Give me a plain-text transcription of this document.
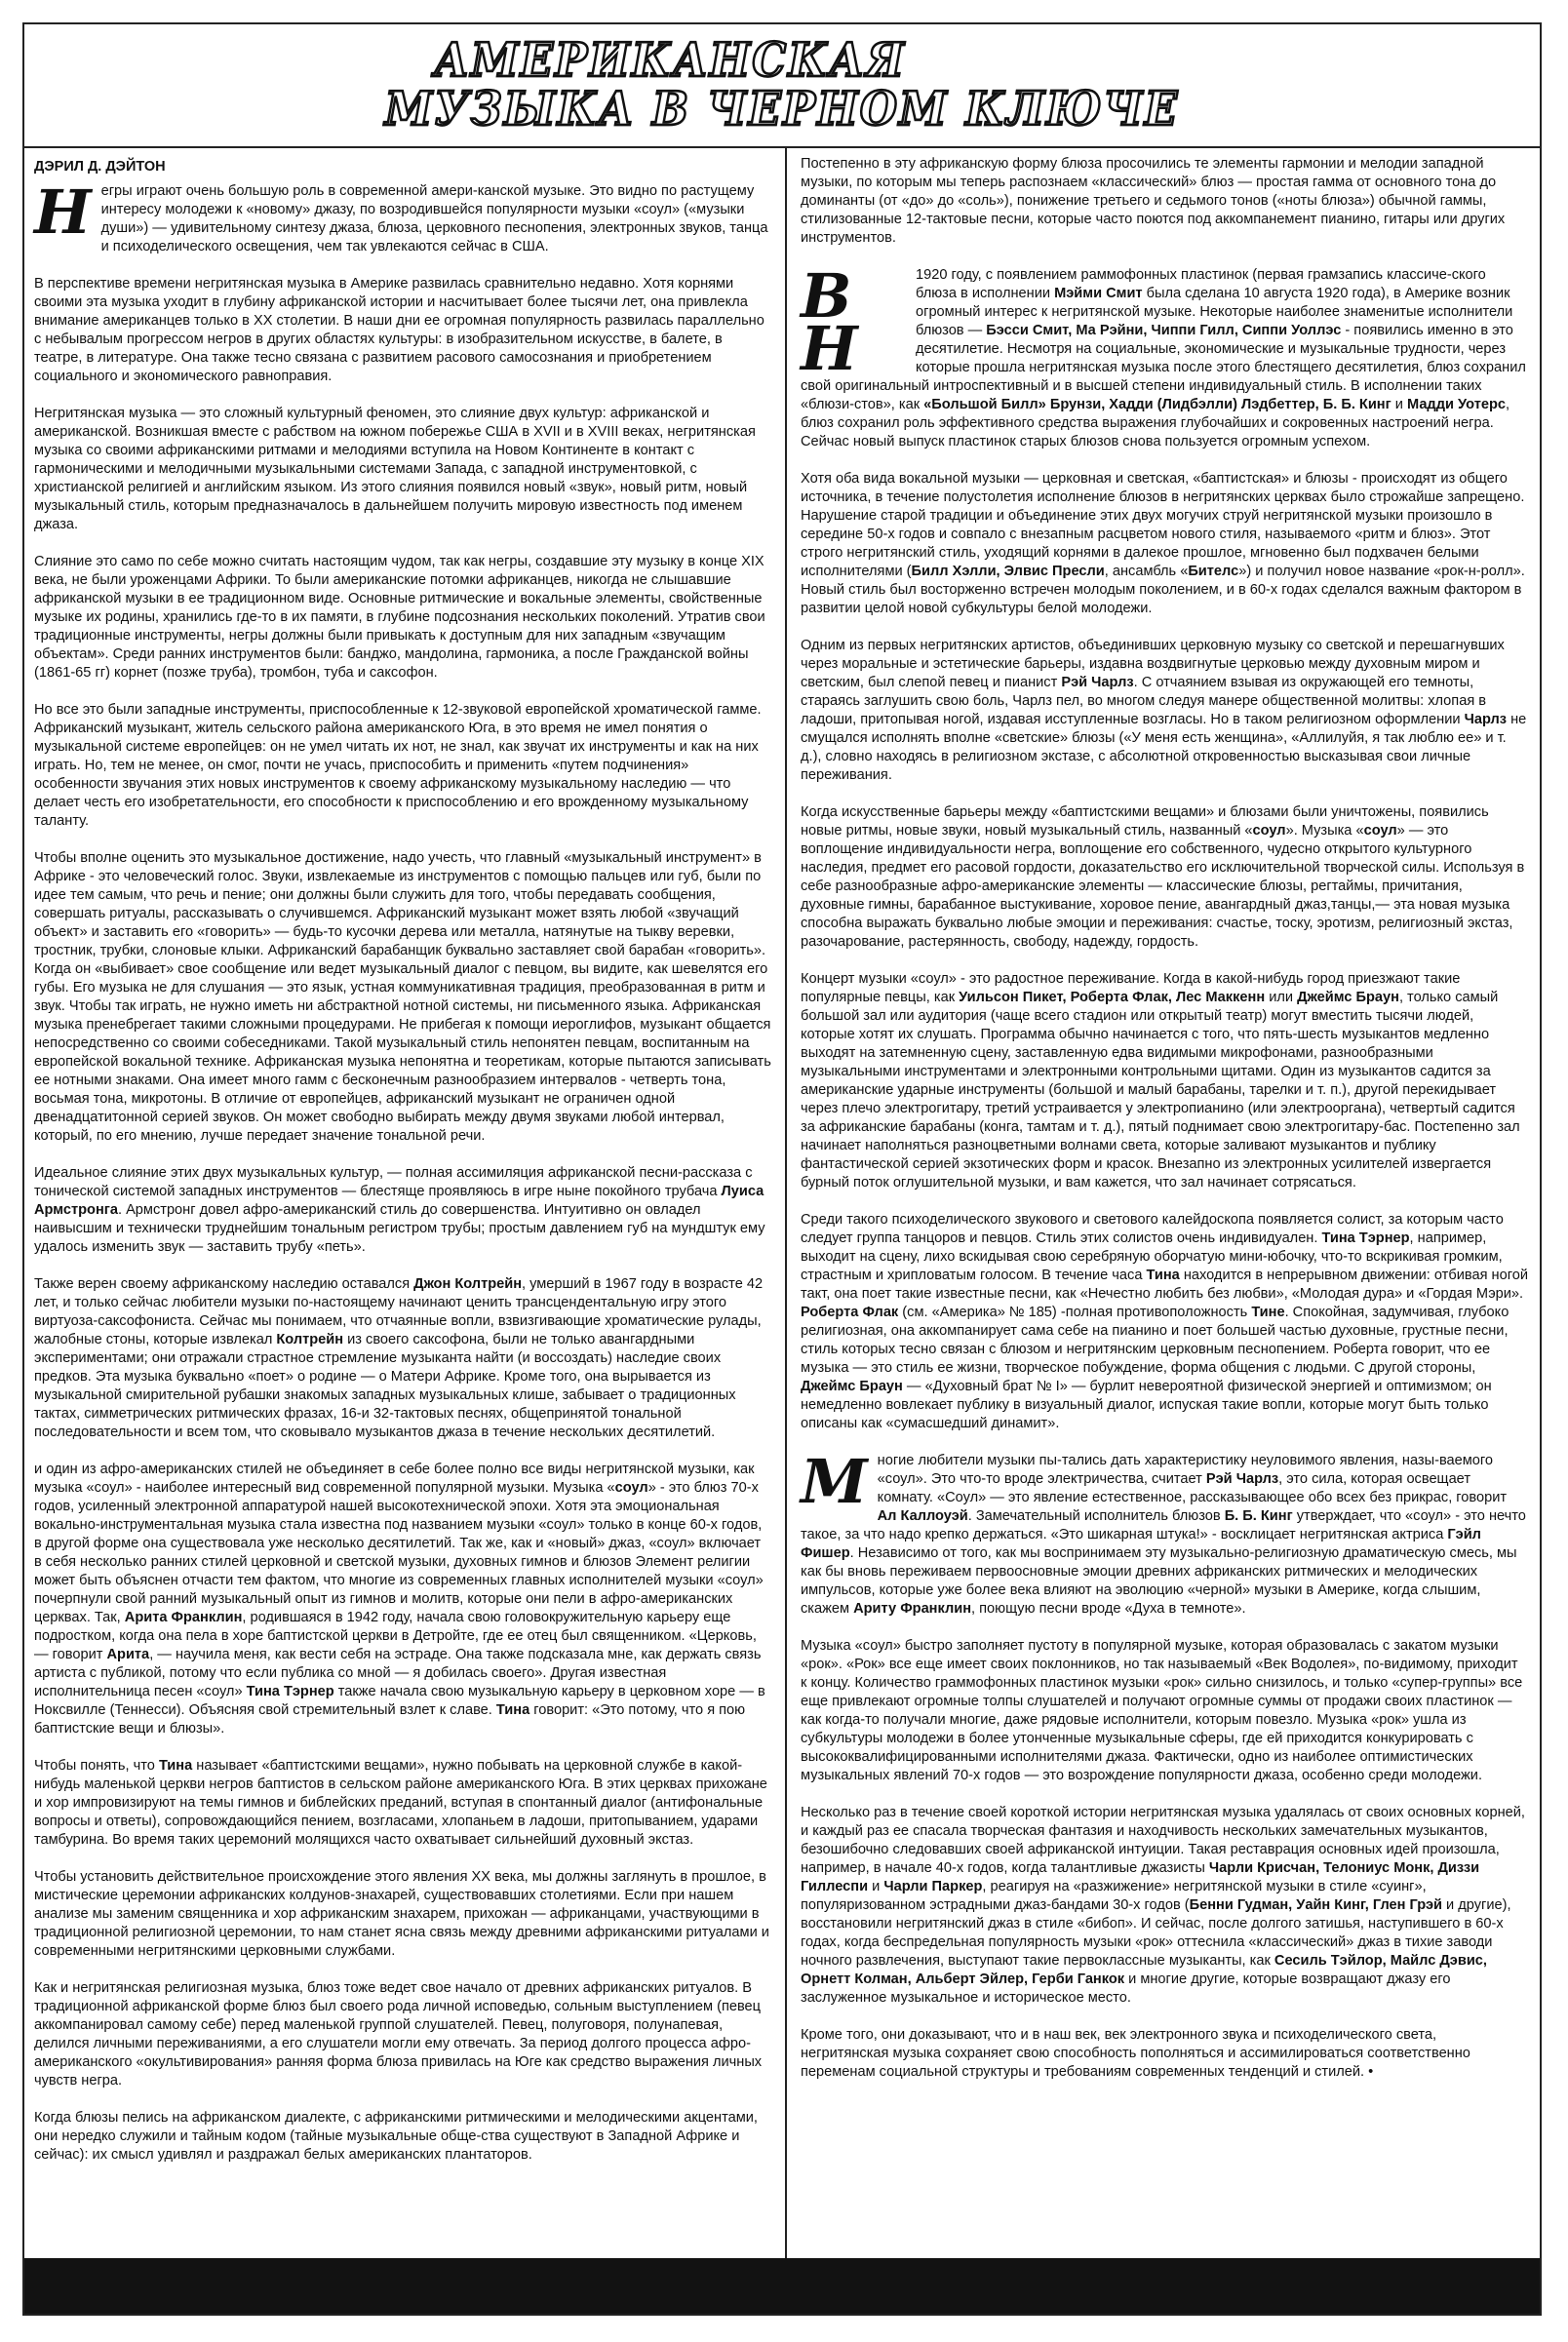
АМЕРИКАНСКАЯ
МУЗЫКА В ЧЕРНОМ КЛЮЧЕ
ДЭРИЛ Д. ДЭЙТОН

Негры играют очень большую роль в современной амери-канской музыке. Это видно по растущему интересу молодежи к «новому» джазу, по возродившейся популярности музыки «соул» («музыки души») — удивительному синтезу джаза, блюза, церковного песнопения, электронных звуков, танца и психоделического освещения, чем так увлекаются сейчас в США.

В перспективе времени негритянская музыка в Америке развилась сравнительно недавно. Хотя корнями своими эта музыка уходит в глубину африканской истории и насчитывает более тысячи лет, она привлекла внимание американцев только в XX столетии. В наши дни ее огромная популярность развилась параллельно с небывалым прогрессом негров в других областях культуры: в изобразительном искусстве, в балете, в театре, в литературе. Она также тесно связана с развитием расового самосознания и приобретением социального и экономического равноправия.

Негритянская музыка — это сложный культурный феномен, это слияние двух культур: африканской и американской. Возникшая вместе с рабством на южном побережье США в XVII и в XVIII веках, негритянская музыка со своими африканскими ритмами и мелодиями вступила на Новом Континенте в контакт с гармоническими и мелодичными музыкальными системами Запада, с западной инструментовкой, с христианской религией и английским языком. Из этого слияния появился новый «звук», новый ритм, новый музыкальный стиль, которым предназначалось в дальнейшем получить мировую известность под именем джаза.

Слияние это само по себе можно считать настоящим чудом, так как негры, создавшие эту музыку в конце XIX века, не были уроженцами Африки. То были американские потомки африканцев, никогда не слышавшие африканской музыки в ее традиционном виде. Основные ритмические и вокальные элементы, свойственные музыке их родины, хранились где-то в их памяти, в глубине подсознания нескольких поколений. Утратив свои традиционные инструменты, негры должны были привыкать к доступным для них западным «звучащим объектам». Среди ранних инструментов были: банджо, мандолина, гармоника, а после Гражданской войны (1861-65 гг) корнет (позже труба), тромбон, туба и саксофон.

Но все это были западные инструменты, приспособленные к 12-звуковой европейской хроматической гамме. Африканский музыкант, житель сельского района американского Юга, в это время не имел понятия о музыкальной системе европейцев: он не умел читать их нот, не знал, как звучат их инструменты и как на них играть. Но, тем не менее, он смог, почти не учась, приспособить и применить «путем подчинения» особенности звучания этих новых инструментов к своему африканскому музыкальному наследию — что делает честь его изобретательности, его способности к приспособлению и его врожденному музыкальному таланту.

Чтобы вполне оценить это музыкальное достижение, надо учесть, что главный «музыкальный инструмент» в Африке - это человеческий голос. Звуки, извлекаемые из инструментов с помощью пальцев или губ, были по идее тем самым, что речь и пение; они должны были служить для того, чтобы передавать сообщения, совершать ритуалы, рассказывать о случившемся. Африканский музыкант может взять любой «звучащий объект» и заставить его «говорить» — будь-то кусочки дерева или металла, натянутые на тыкву веревки, тростник, трубки, слоновые клыки. Африканский барабанщик буквально заставляет свой барабан «говорить». Когда он «выбивает» свое сообщение или ведет музыкальный диалог с певцом, вы видите, как шевелятся его губы. Его музыка не для слушания — это язык, устная коммуникативная традиция, преобразованная в ритм и звук. Чтобы так играть, не нужно иметь ни абстрактной нотной системы, ни письменного языка. Африканская музыка пренебрегает такими сложными процедурами. Не прибегая к помощи иероглифов, музыкант общается непосредственно со своими собеседниками. Такой музыкальный стиль непонятен певцам, воспитанным на европейской вокальной технике. Африканская музыка непонятна и теоретикам, которые пытаются записывать ее нотными знаками. Она имеет много гамм с бесконечным разнообразием интервалов - четверть тона, восьмая тона, микротоны. В отличие от европейцев, африканский музыкант не ограничен одной двенадцатитонной серией звуков. Он может свободно выбирать между двумя звуками любой интервал, который, по его мнению, лучше передает значение тональной речи.

Идеальное слияние этих двух музыкальных культур, — полная ассимиляция африканской песни-рассказа с тонической системой западных инструментов — блестяще проявляюсь в игре ныне покойного трубача Луиса Армстронга. Армстронг довел афро-американский стиль до совершенства. Интуитивно он овладел наивысшим и технически труднейшим тональным регистром трубы; простым давлением губ на мундштук ему удалось изменить звук — заставить трубу «петь».

Также верен своему африканскому наследию оставался Джон Колтрейн, умерший в 1967 году в возрасте 42 лет, и только сейчас любители музыки по-настоящему начинают ценить трансцендентальную игру этого виртуоза-саксофониста. Сейчас мы понимаем, что отчаянные вопли, взвизгивающие хроматические рулады, жалобные стоны, которые извлекал Колтрейн из своего саксофона, были не только авангардными экспериментами; они отражали страстное стремление музыканта найти (и воссоздать) наследие своих предков. Эта музыка буквально «поет» о родине — о Матери Африке. Кроме того, она вырывается из музыкальной смирительной рубашки знакомых западных музыкальных клише, забывает о традиционных тактах, симметрических ритмических фразах, 16-и 32-тактовых песнях, общепринятой тональной последовательности и всем том, что сковывало музыкантов джаза в течение нескольких десятилетий.

и один из афро-американских стилей не объединяет в себе более полно все виды негритянской музыки, как музыка «соул» - наиболее интересный вид современной популярной музыки. Музыка «соул» - это блюз 70-х годов, усиленный электронной аппаратурой нашей высокотехнической эпохи. Хотя эта эмоциональная вокально-инструментальная музыка стала известна под названием музыки «соул» только в конце 60-х годов, в другой форме она существовала уже несколько десятилетий. Так же, как и «новый» джаз, «соул» включает в себя несколько ранних стилей церковной и светской музыки, духовных гимнов и блюзов Элемент религии может быть объяснен отчасти тем фактом, что многие из современных главных исполнителей музыки «соул» почерпнули свой ранний музыкальный опыт из гимнов и молитв, которые они пели в афро-американских церквах. Так, Арита Франклин, родившаяся в 1942 году, начала свою головокружительную карьеру еще подростком, когда она пела в хоре баптистской церкви в Детройте, где ее отец был священником. «Церковь, — говорит Арита, — научила меня, как вести себя на эстраде. Она также подсказала мне, как держать связь артиста с публикой, потому что если публика со мной — я добилась своего». Другая известная исполнительница песен «соул» Тина Тэрнер также начала свою музыкальную карьеру в церковном хоре — в Ноксвилле (Теннесси). Объясняя свой стремительный взлет к славе. Тина говорит: «Это потому, что я пою баптистские вещи и блюзы».

Чтобы понять, что Тина называет «баптистскими вещами», нужно побывать на церковной службе в какой-нибудь маленькой церкви негров баптистов в сельском районе американского Юга. В этих церквах прихожане и хор импровизируют на темы гимнов и библейских преданий, вступая в спонтанный диалог (антифональные вопросы и ответы), сопровождающийся пением, возгласами, хлопаньем в ладоши, притопыванием, ударами тамбурина. Во время таких церемоний молящихся часто охватывает сильнейший духовный экстаз.

Чтобы установить действительное происхождение этого явления XX века, мы должны заглянуть в прошлое, в мистические церемонии африканских колдунов-знахарей, существовавших столетиями. Если при нашем анализе мы заменим священника и хор африканским знахарем, прихожан — африканцами, участвующими в традиционной религиозной церемонии, то нам станет ясна связь между древними африканскими ритуалами и современными негритянскими церковными службами.

Как и негритянская религиозная музыка, блюз тоже ведет свое начало от древних африканских ритуалов. В традиционной африканской форме блюз был своего рода личной исповедью, сольным выступлением (певец аккомпанировал самому себе) перед маленькой группой слушателей. Певец, полуговоря, полунапевая, делился личными переживаниями, а его слушатели могли ему отвечать. За период долгого процесса афро-американского «окультивирования» ранняя форма блюза привилась на Юге как средство выражения личных чувств негра.

Когда блюзы пелись на африканском диалекте, с африканскими ритмическими и мелодическими акцентами, они нередко служили и тайным кодом (тайные музыкальные обще-ства существуют в Западной Африке и сейчас): их смысл удивлял и раздражал белых американских плантаторов.

Постепенно в эту африканскую форму блюза просочились те элементы гармонии и мелодии западной музыки, по которым мы теперь распознаем «классический» блюз — простая гамма от основного тона до доминанты (от «до» до «соль»), понижение третьего и седьмого тонов («ноты блюза») обычной гаммы, стилизованные 12-тактовые песни, которые часто поются под аккомпанемент пианино, гитары или других инструментов.

В Н
1920 году, с появлением раммофонных пластинок (первая грамзапись классиче-ского блюза в исполнении Мэйми Смит была сделана 10 августа 1920 года), в Америке возник огромный интерес к негритянской музыке. Некоторые наиболее знаменитые исполнители блюзов — Бэсси Смит, Ма Рэйни, Чиппи Гилл, Сиппи Уоллэс - появились именно в это десятилетие. Несмотря на социальные, экономические и музыкальные трудности, через которые прошла негритянская музыка после этого блестящего десятилетия, блюз сохранил свой оригинальный интроспективный и в высшей степени индивидуальный стиль. В исполнении таких «блюзи-стов», как «Большой Билл» Брунзи, Хадди (Лидбэлли) Лэдбеттер, Б. Б. Кинг и Мадди Уотерс, блюз сохранил роль эффективного средства выражения глубочайших и сокровенных настроений негра. Сейчас новый выпуск пластинок старых блюзов снова пользуется огромным успехом.

Хотя оба вида вокальной музыки — церковная и светская, «баптистская» и блюзы - происходят из общего источника, в течение полустолетия исполнение блюзов в негритянских церквах было строжайше запрещено. Нарушение старой традиции и объединение этих двух могучих струй негритянской музыки произошло в середине 50-х годов и совпало с внезапным расцветом нового стиля, называемого «ритм и блюз». Этот строго негритянский стиль, уходящий корнями в далекое прошлое, мгновенно был подхвачен белыми исполнителями (Билл Хэлли, Элвис Пресли, ансамбль «Бителс») и получил новое название «рок-н-ролл». Новый стиль был восторженно встречен молодым поколением, и в 60-х годах сделался важным фактором в развитии целой новой субкультуры белой молодежи.

Одним из первых негритянских артистов, объединивших церковную музыку со светской и перешагнувших через моральные и эстетические барьеры, издавна воздвигнутые церковью между духовным миром и светским, был слепой певец и пианист Рэй Чарлз. С отчаянием взывая из окружающей его темноты, стараясь заглушить свою боль, Чарлз пел, во многом следуя манере общественной молитвы: хлопая в ладоши, притопывая ногой, издавая исступленные возгласы. Но в таком религиозном оформлении Чарлз не смущался исполнять вполне «светские» блюзы («У меня есть женщина», «Аллилуйя, я так люблю ее» и т. д.), словно находясь в религиозном экстазе, с абсолютной откровенностью высказывая свои личные переживания.

Когда искусственные барьеры между «баптистскими вещами» и блюзами были уничтожены, появились новые ритмы, новые звуки, новый музыкальный стиль, названный «соул». Музыка «соул» — это воплощение индивидуальности негра, воплощение его собственного, чудесно открытого культурного наследия, предмет его расовой гордости, доказательство его исключительной творческой силы. Используя в себе разнообразные афро-американские элементы — классические блюзы, регтаймы, причитания, духовные гимны, барабанное выстукивание, хоровое пение, авангардный джаз,танцы,— эта новая музыка способна выражать буквально любые эмоции и переживания: счастье, тоску, эротизм, религиозный экстаз, разочарование, растерянность, свободу, надежду, гордость.

Концерт музыки «соул» - это радостное переживание. Когда в какой-нибудь город приезжают такие популярные певцы, как Уильсон Пикет, Роберта Флак, Лес Маккенн или Джеймс Браун, только самый большой зал или аудитория (чаще всего стадион или открытый театр) могут вместить тысячи людей, которые хотят их слушать. Программа обычно начинается с того, что пять-шесть музыкантов медленно выходят на затемненную сцену, заставленную едва видимыми микрофонами, разнообразными музыкальными инструментами и электронными контрольными щитами. Один из музыкантов садится за американские ударные инструменты (большой и малый барабаны, тарелки и т. п.), другой перекидывает через плечо электрогитару, третий устраивается у электропианино (или электрооргана), четвертый садится за африканские барабаны (конга, тамтам и т. д.), пятый поднимает свою электрогитару-бас. Постепенно зал начинает наполняться разноцветными волнами света, которые заливают музыкантов и публику фантастической серией экзотических форм и красок. Внезапно из электронных усилителей извергается бурный поток оглушительной музыки, и вам кажется, что зал начинает сотрясаться.

Среди такого психоделического звукового и светового калейдоскопа появляется солист, за которым часто следует группа танцоров и певцов. Стиль этих солистов очень индивидуален. Тина Тэрнер, например, выходит на сцену, лихо вскидывая свою серебряную оборчатую мини-юбочку, что-то вскрикивая громким, страстным и хрипловатым голосом. В течение часа Тина находится в непрерывном движении: отбивая ногой такт, она поет такие известные песни, как «Нечестно любить без любви», «Молодая дура» и «Гордая Мэри». Роберта Флак (см. «Америка» № 185) -полная противоположность Тине. Спокойная, задумчивая, глубоко религиозная, она аккомпанирует сама себе на пианино и поет большей частью духовные, грустные песни, стиль которых тесно связан с блюзом и негритянским церковным песнопением. Роберта говорит, что ее музыка — это стиль ее жизни, творческое побуждение, форма общения с людьми. С другой стороны, Джеймс Браун — «Духовный брат № I» — бурлит невероятной физической энергией и оптимизмом; он немедленно вовлекает публику в визуальный диалог, испуская такие вопли, которые могут быть только описаны как «сумасшедший динамит».

Многие любители музыки пы-тались дать характеристику неуловимого явления, назы-ваемого «соул». Это что-то вроде электричества, считает Рэй Чарлз, это сила, которая освещает комнату. «Соул» — это явление естественное, рассказывающее обо всех без прикрас, говорит Ал Каллоуэй. Замечательный исполнитель блюзов Б. Б. Кинг утверждает, что «соул» - это нечто такое, за что надо крепко держаться. «Это шикарная штука!» - восклицает негритянская актриса Гэйл Фишер. Независимо от того, как мы воспринимаем эту музыкально-религиозную драматическую смесь, мы как бы вновь переживаем первоосновные эмоции древних африканских ритмических и мелодических импульсов, которые уже более века влияют на эволюцию «черной» музыки в Америке, когда слышим, скажем Ариту Франклин, поющую песни вроде «Духа в темноте».

Музыка «соул» быстро заполняет пустоту в популярной музыке, которая образовалась с закатом музыки «рок». «Рок» все еще имеет своих поклонников, но так называемый «Век Водолея», по-видимому, приходит к концу. Количество граммофонных пластинок музыки «рок» сильно снизилось, и только «супер-группы» все еще привлекают огромные толпы слушателей и получают огромные суммы от продажи своих пластинок — как когда-то получали многие, даже рядовые исполнители, которым повезло. Музыка «рок» ушла из субкультуры молодежи в более утонченные музыкальные сферы, где ей приходится конкурировать с высококвалифицированными исполнителями джаза. Фактически, одно из наиболее оптимистических музыкальных явлений 70-х годов — это возрождение популярности джаза, особенно среди молодежи.

Несколько раз в течение своей короткой истории негритянская музыка удалялась от своих основных корней, и каждый раз ее спасала творческая фантазия и находчивость нескольких замечательных музыкантов, безошибочно следовавших своей африканской интуиции. Такая реставрация основных идей произошла, например, в начале 40-х годов, когда талантливые джазисты Чарли Крисчан, Телониус Монк, Диззи Гиллеспи и Чарли Паркер, реагируя на «разжижение» негритянской музыки в стиле «суинг», популяризованном эстрадными джаз-бандами 30-х годов (Бенни Гудман, Уайн Кинг, Глен Грэй и другие), восстановили негритянский джаз в стиле «бибоп». И сейчас, после долгого затишья, наступившего в 60-х годах, когда беспредельная популярность музыки «рок» оттеснила «классический» джаз в тихие заводи ночного развлечения, выступают такие первоклассные музыканты, как Сесиль Тэйлор, Майлс Дэвис, Орнетт Колман, Альберт Эйлер, Герби Ганкок и многие другие, которые возвращают джазу его заслуженное музыкальное и историческое место.

Кроме того, они доказывают, что и в наш век, век электронного звука и психоделического света, негритянская музыка сохраняет свою способность пополняться и ассимилироваться соответственно переменам социальной структуры и требованиям современных тенденций и стилей. •
